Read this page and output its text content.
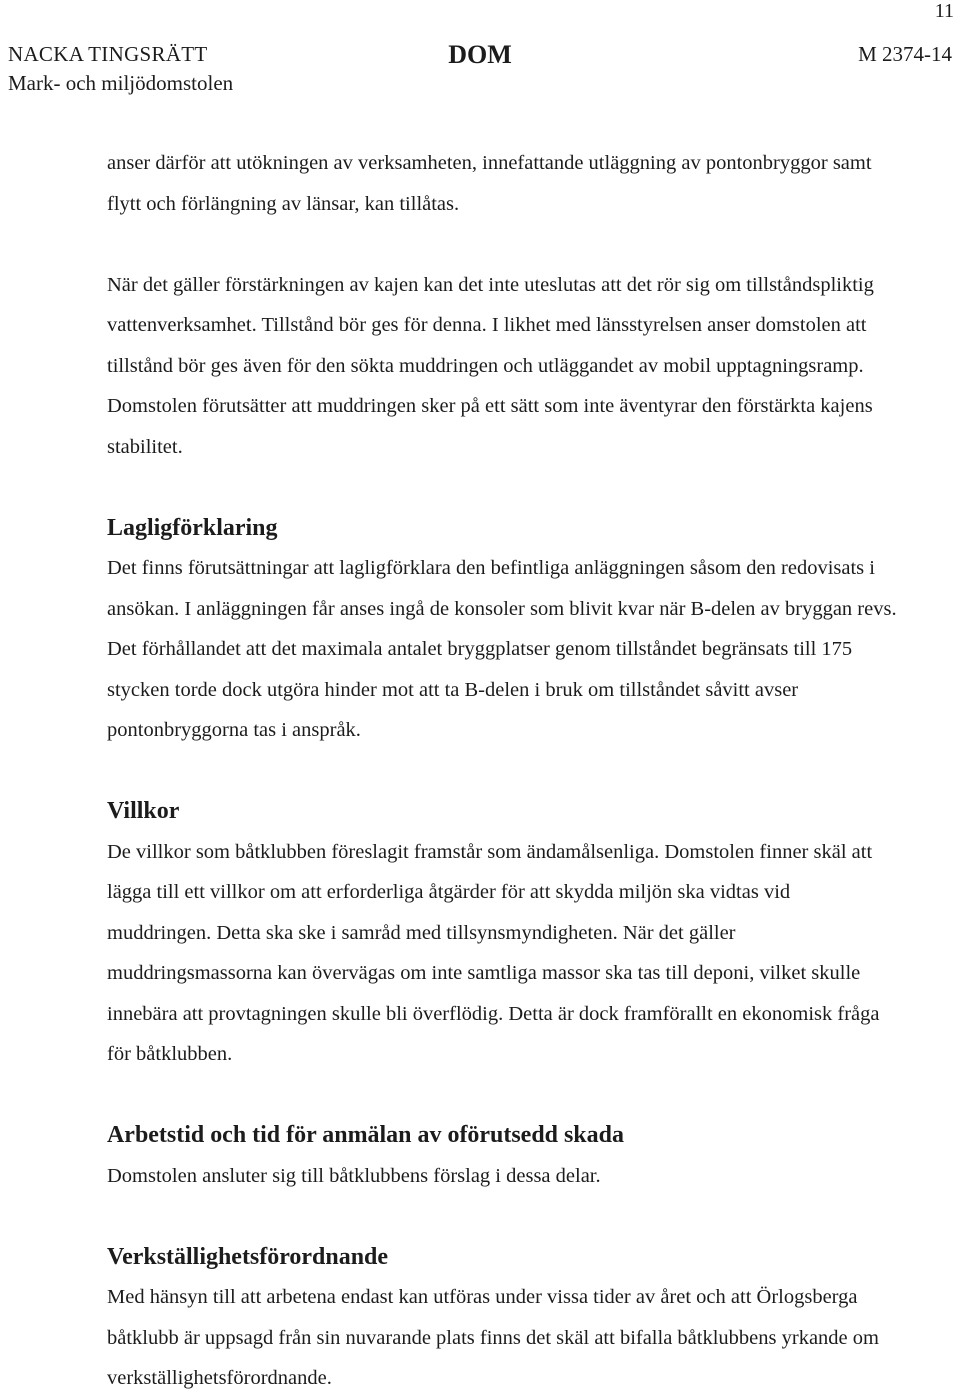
11
NACKA TINGSRÄTT
Mark- och miljödomstolen
DOM	M 2374-14

anser därför att utökningen av verksamheten, innefattande utläggning av pontonbryggor samt flytt och förlängning av länsar, kan tillåtas.

När det gäller förstärkningen av kajen kan det inte uteslutas att det rör sig om tillståndspliktig vattenverksamhet. Tillstånd bör ges för denna. I likhet med länsstyrelsen anser domstolen att tillstånd bör ges även för den sökta muddringen och utläggandet av mobil upptagningsramp. Domstolen förutsätter att muddringen sker på ett sätt som inte äventyrar den förstärkta kajens stabilitet.

Lagligförklaring

Det finns förutsättningar att lagligförklara den befintliga anläggningen såsom den redovisats i ansökan. I anläggningen får anses ingå de konsoler som blivit kvar när B-delen av bryggan revs. Det förhållandet att det maximala antalet bryggplatser genom tillståndet begränsats till 175 stycken torde dock utgöra hinder mot att ta B-delen i bruk om tillståndet såvitt avser pontonbryggorna tas i anspråk.

Villkor

De villkor som båtklubben föreslagit framstår som ändamålsenliga. Domstolen finner skäl att lägga till ett villkor om att erforderliga åtgärder för att skydda miljön ska vidtas vid muddringen. Detta ska ske i samråd med tillsynsmyndigheten. När det gäller muddringsmassorna kan övervägas om inte samtliga massor ska tas till deponi, vilket skulle innebära att provtagningen skulle bli överflödig. Detta är dock framförallt en ekonomisk fråga för båtklubben.

Arbetstid och tid för anmälan av oförutsedd skada

Domstolen ansluter sig till båtklubbens förslag i dessa delar.

Verkställighetsförordnande

Med hänsyn till att arbetena endast kan utföras under vissa tider av året och att Örlogsberga båtklubb är uppsagd från sin nuvarande plats finns det skäl att bifalla båtklubbens yrkande om verkställighetsförordnande.
